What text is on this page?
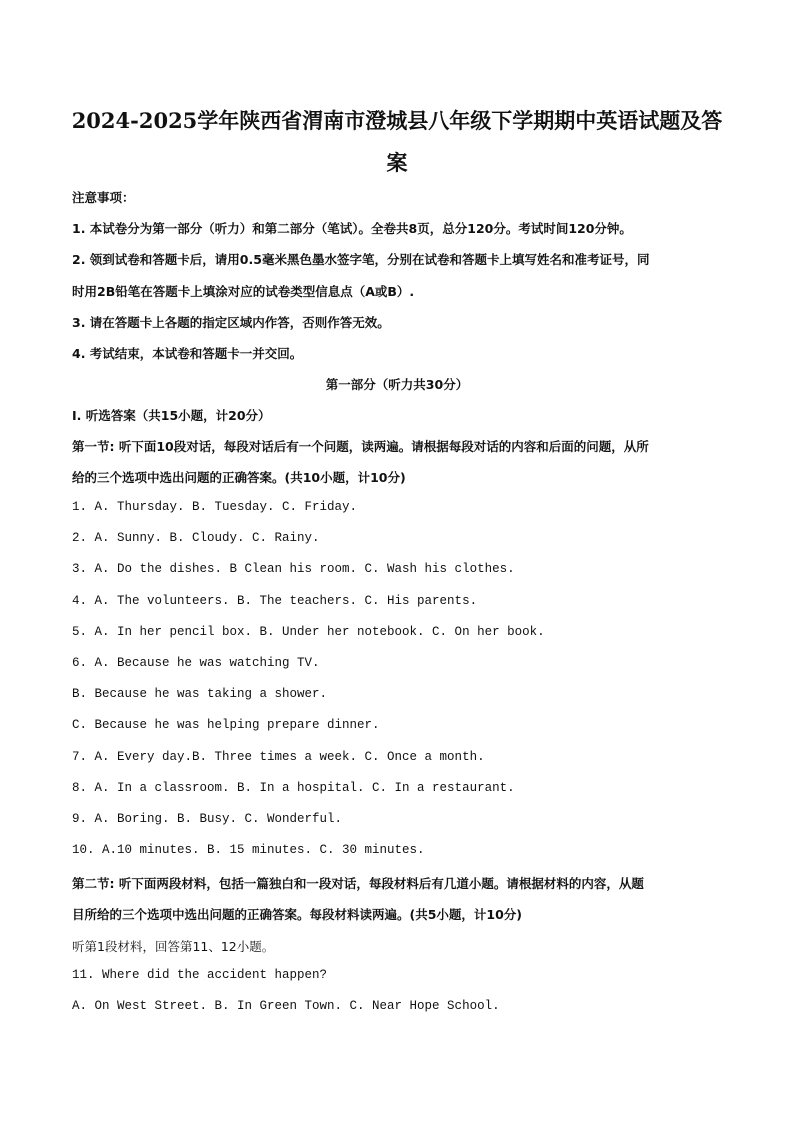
2024-2025学年陕西省渭南市澄城县八年级下学期期中英语试题及答案
注意事项：
1. 本试卷分为第一部分（听力）和第二部分（笔试）。全卷共8页，总分120分。考试时间120分钟。
2. 领到试卷和答题卡后，请用0.5毫米黑色墨水签字笔，分别在试卷和答题卡上填写姓名和准考证号，同
时用2B铅笔在答题卡上填涂对应的试卷类型信息点（A或B）.
3. 请在答题卡上各题的指定区域内作答，否则作答无效。
4. 考试结束，本试卷和答题卡一并交回。
第一部分（听力共30分）
Ⅰ. 听选答案（共15小题，计20分）
第一节: 听下面10段对话，每段对话后有一个问题，读两遍。请根据每段对话的内容和后面的问题，从所
给的三个选项中选出问题的正确答案。(共10小题，计10分)
1. A. Thursday. B. Tuesday. C. Friday.
2. A. Sunny. B. Cloudy. C. Rainy.
3. A. Do the dishes. B Clean his room. C. Wash his clothes.
4. A. The volunteers. B. The teachers. C. His parents.
5. A. In her pencil box. B. Under her notebook. C. On her book.
6. A. Because he was watching TV.
B. Because he was taking a shower.
C. Because he was helping prepare dinner.
7. A. Every day.B. Three times a week. C. Once a month.
8. A. In a classroom. B. In a hospital. C. In a restaurant.
9. A. Boring. B. Busy. C. Wonderful.
10. A.10 minutes. B. 15 minutes. C. 30 minutes.
第二节: 听下面两段材料，包括一篇独白和一段对话，每段材料后有几道小题。请根据材料的内容，从题
目所给的三个选项中选出问题的正确答案。每段材料读两遍。(共5小题，计10分)
听第1段材料，回答第11、12小题。
11. Where did the accident happen?
A. On West Street. B. In Green Town. C. Near Hope School.
